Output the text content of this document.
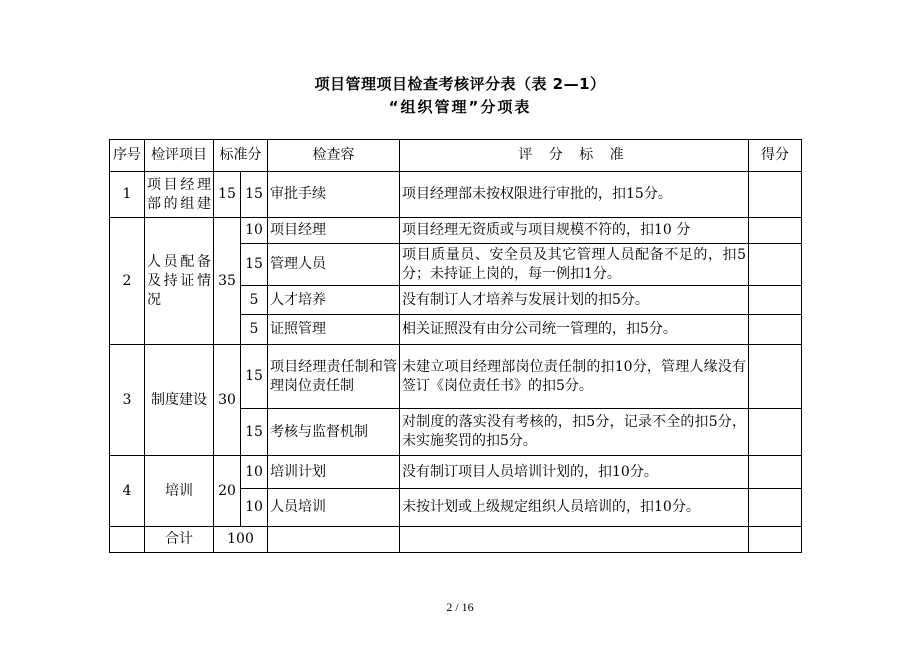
项目管理项目检查考核评分表（表 2—1）
“组织管理”分项表
序号	检评项目	标准分		检查容	评 分 标 准	得分
1	项目经理部的组建	15	15	审批手续	项目经理部未按权限进行审批的，扣15分。	
2	人员配备及持证情况	35	10	项目经理	项目经理无资质或与项目规模不符的，扣10 分	
			15	管理人员	项目质量员、安全员及其它管理人员配备不足的，扣5分；未持证上岗的，每一例扣1分。	
			5	人才培养	没有制订人才培养与发展计划的扣5分。	
			5	证照管理	相关证照没有由分公司统一管理的，扣5分。	
3	制度建设	30	15	项目经理责任制和管理岗位责任制	未建立项目经理部岗位责任制的扣10分，管理人缘没有签订《岗位责任书》的扣5分。	
			15	考核与监督机制	对制度的落实没有考核的，扣5分，记录不全的扣5分，未实施奖罚的扣5分。	
4	培训	20	10	培训计划	没有制订项目人员培训计划的，扣10分。	
			10	人员培训	未按计划或上级规定组织人员培训的，扣10分。	
	合计	100				
2 / 16
